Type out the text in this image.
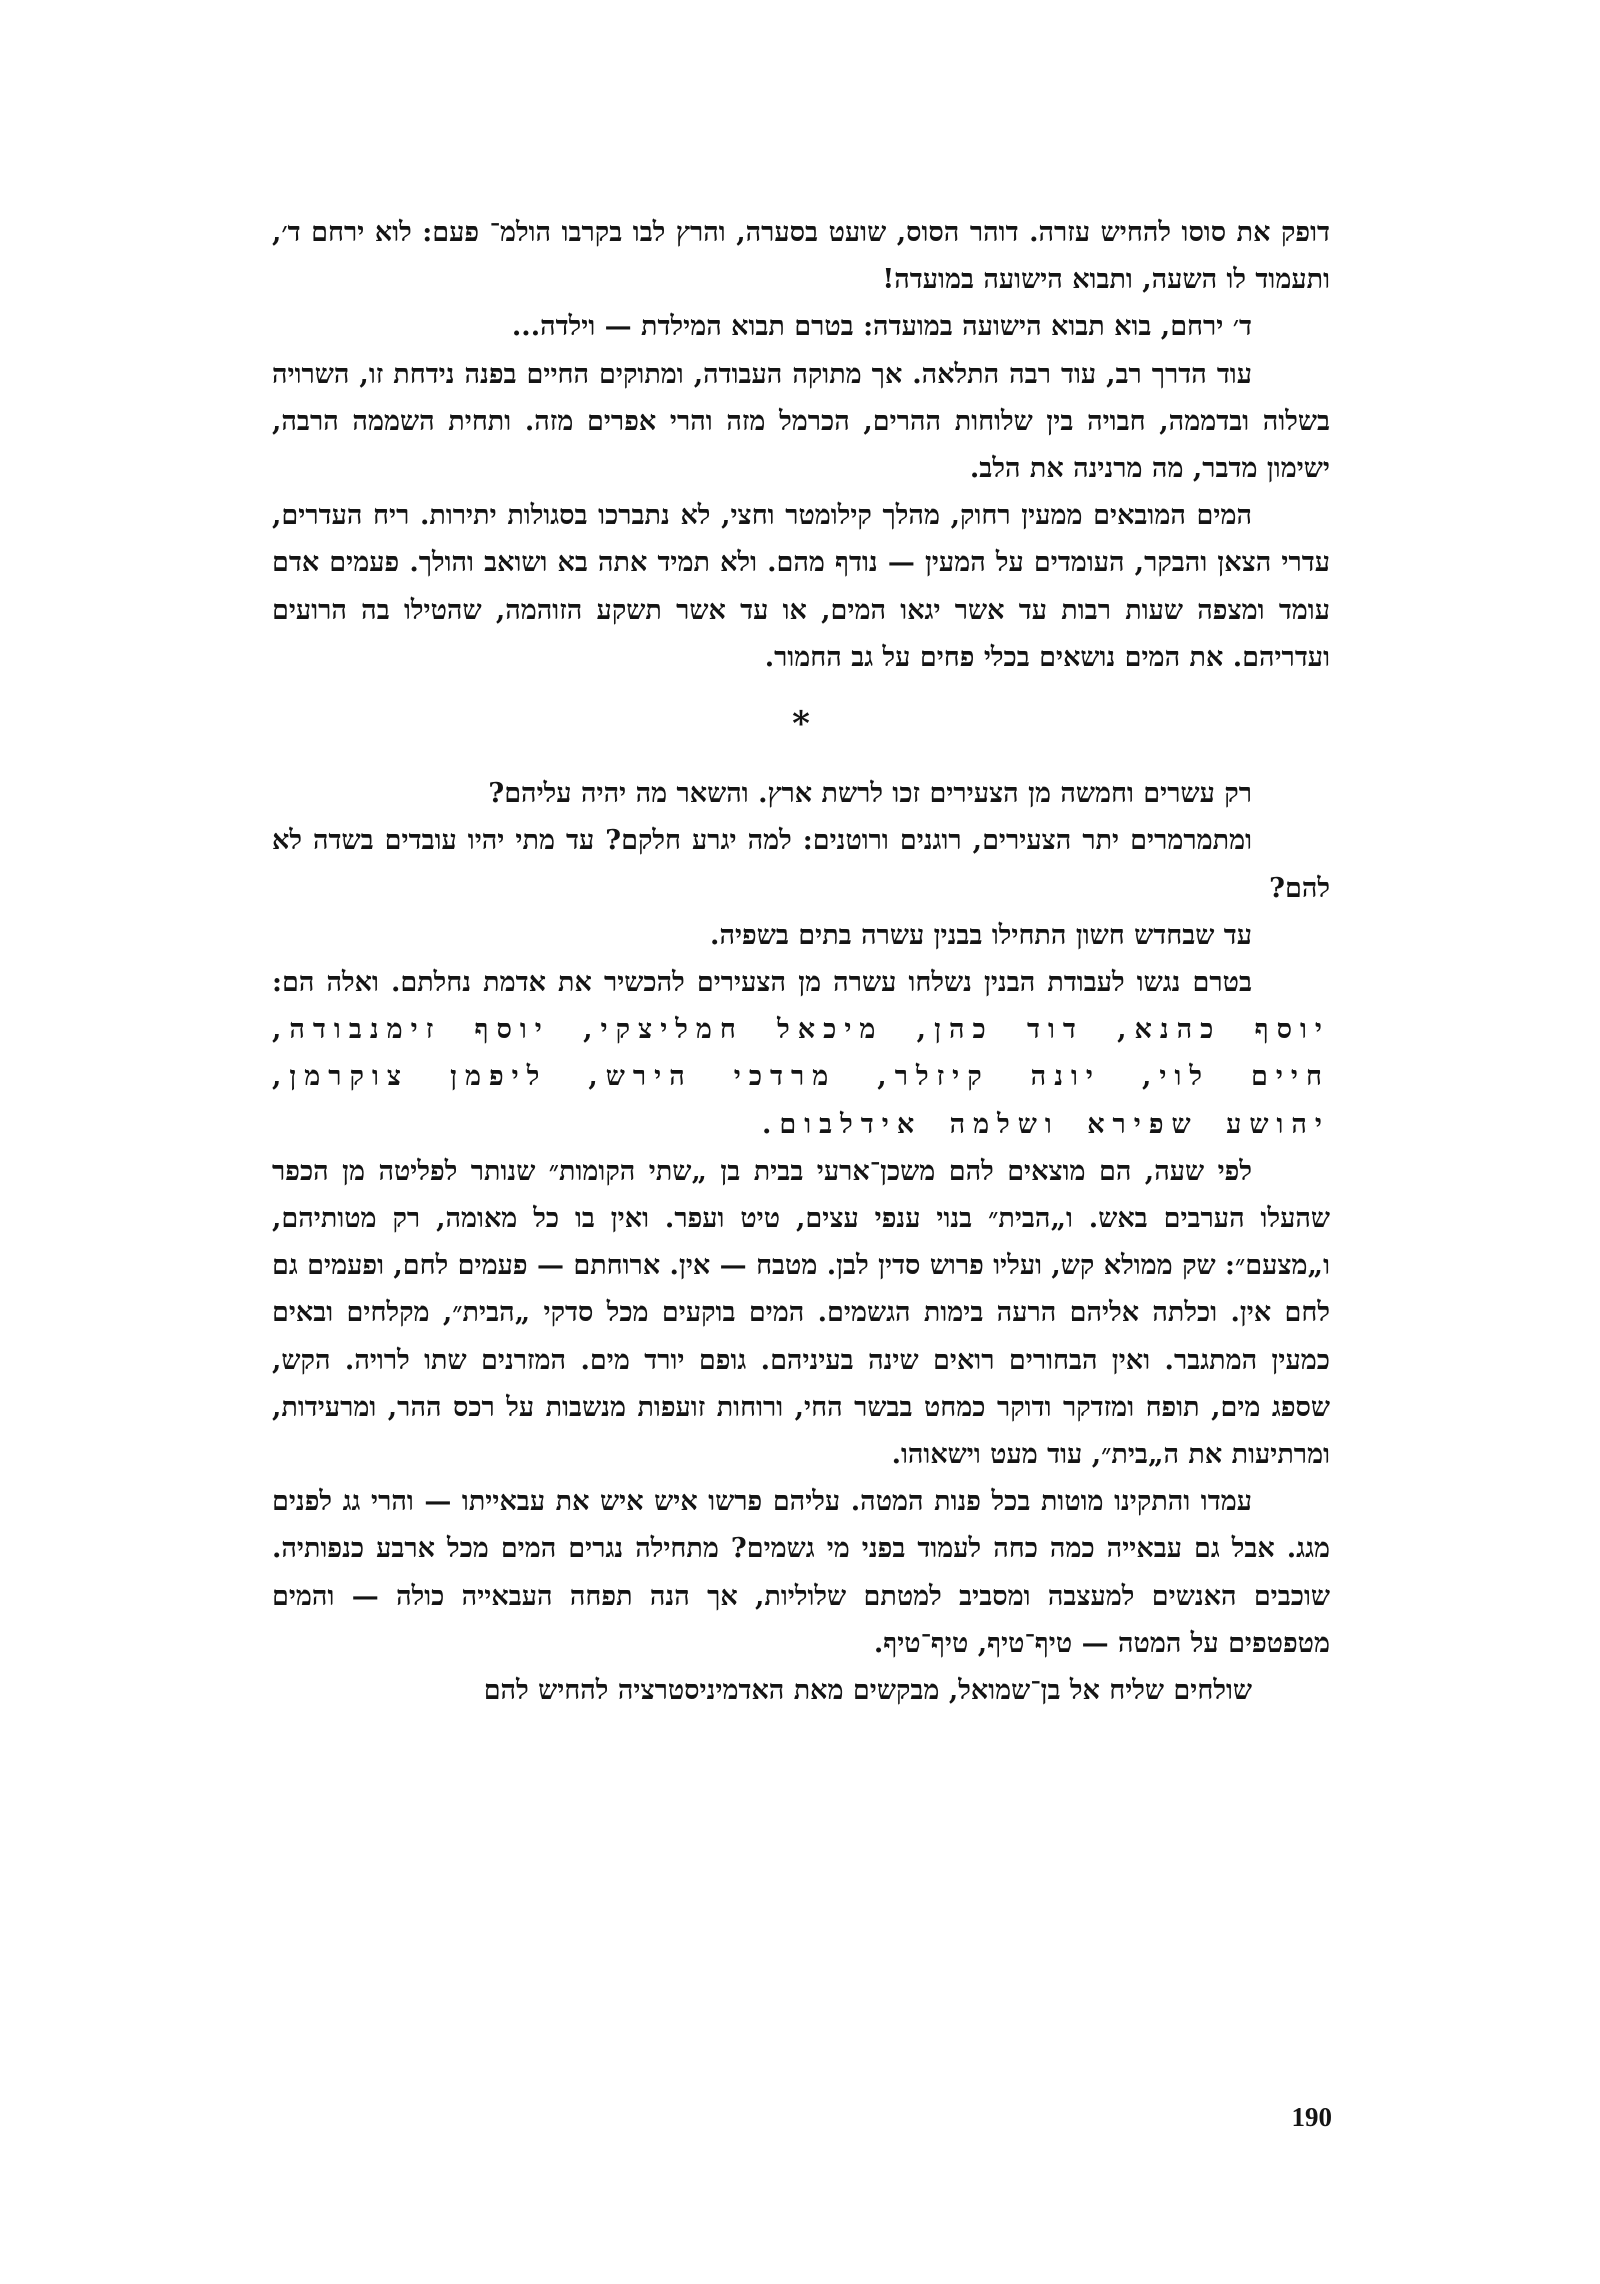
דופק את סוסו להחיש עזרה. דוהר הסוס, שועט בסערה, והרץ לבו בקרבו הולמ־ פעם: לוא ירחם ד׳, ותעמוד לו השעה, ותבוא הישועה במועדה!

ד׳ ירחם, בוא תבוא הישועה במועדה: בטרם תבוא המילדת — וילדה...

עוד הדרך רב, עוד רבה התלאה. אך מתוקה העבודה, ומתוקים החיים בפנה נידחת זו, השרויה בשלוה ובדממה, חבויה בין שלוחות ההרים, הכרמל מזה והרי אפרים מזה. ותחית השממה הרבה, ישימון מדבר, מה מרנינה את הלב.

המים המובאים ממעין רחוק, מהלך קילומטר וחצי, לא נתברכו בסגולות יתירות. ריח העדרים, עדרי הצאן והבקר, העומדים על המעין — נודף מהם. ולא תמיד אתה בא ושואב והולך. פעמים אדם עומד ומצפה שעות רבות עד אשר יגאו המים, או עד אשר תשקע הזוהמה, שהטילו בה הרועים ועדריהם. את המים נושאים בכלי פחים על גב החמור.

*

רק עשרים וחמשה מן הצעירים זכו לרשת ארץ. והשאר מה יהיה עליהם?

ומתמרמרים יתר הצעירים, רוגנים ורוטנים: למה יגרע חלקם? עד מתי יהיו עובדים בשדה לא להם?

עד שבחדש חשון התחילו בבנין עשרה בתים בשפיה.

בטרם נגשו לעבודת הבנין נשלחו עשרה מן הצעירים להכשיר את אדמת נחלתם. ואלה הם: יוסף כהנא, דוד כהן, מיכאל חמליצקי, יוסף זימנבודה, חיים לוי, יונה קיזלר, מרדכי הירש, ליפמן צוקרמן, יהושע שפירא ושלמה אידלבום.

לפי שעה, הם מוצאים להם משכן־ארעי בבית בן „שתי הקומות״ שנותר לפליטה מן הכפר שהעלו הערבים באש. ו„הבית״ בנוי ענפי עצים, טיט ועפר. ואין בו כל מאומה, רק מטותיהם, ו„מצעם״: שק ממולא קש, ועליו פרוש סדין לבן. מטבח — אין. ארוחתם — פעמים לחם, ופעמים גם לחם אין. וכלתה אליהם הרעה בימות הגשמים. המים בוקעים מכל סדקי „הבית״, מקלחים ובאים כמעין המתגבר. ואין הבחורים רואים שינה בעיניהם. גופם יורד מים. המזרנים שתו לרויה. הקש, שספג מים, תופח ומזדקר ודוקר כמחט בבשר החי, ורוחות זועפות מנשבות על רכס ההר, ומרעידות, ומרתיעות את ה„בית״, עוד מעט וישאוהו.

עמדו והתקינו מוטות בכל פנות המטה. עליהם פרשו איש איש את עבאייתו — והרי גג לפנים מגג. אבל גם עבאייה כמה כחה לעמוד בפני מי גשמים? מתחילה נגרים המים מכל ארבע כנפותיה. שוכבים האנשים למעצבה ומסביב למטתם שלוליות, אך הנה תפחה העבאייה כולה — והמים מטפטפים על המטה — טיף־טיף, טיף־טיף.

שולחים שליח אל בן־שמואל, מבקשים מאת האדמיניסטרציה להחיש להם

190
